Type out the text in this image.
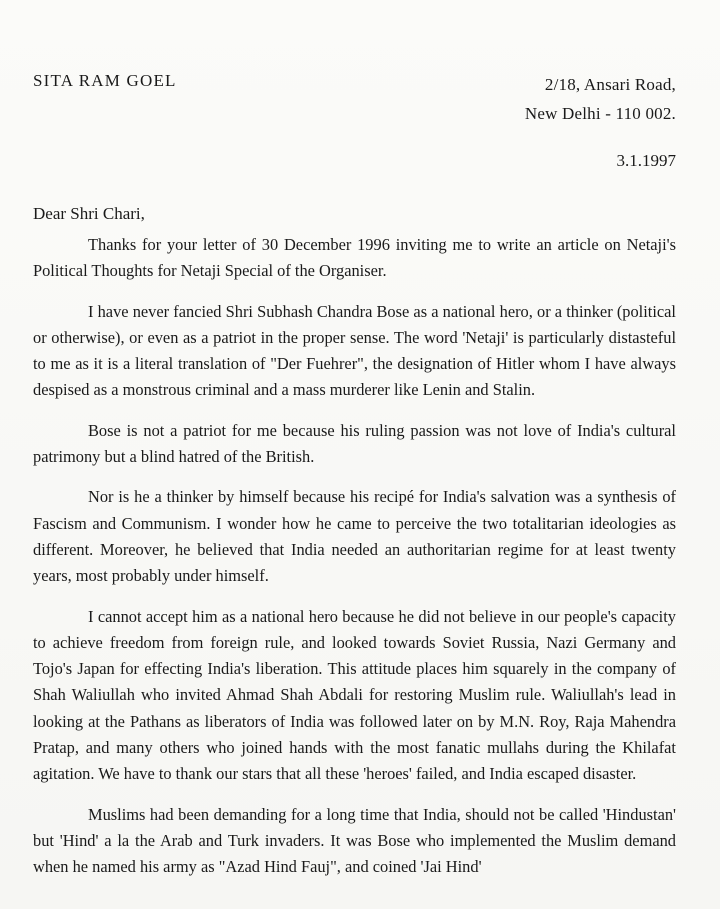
SITA RAM GOEL	2/18, Ansari Road,
New Delhi - 110 002.
3.1.1997
Dear Shri Chari,

Thanks for your letter of 30 December 1996 inviting me to write an article on Netaji's Political Thoughts for Netaji Special of the Organiser.

I have never fancied Shri Subhash Chandra Bose as a national hero, or a thinker (political or otherwise), or even as a patriot in the proper sense. The word 'Netaji' is particularly distasteful to me as it is a literal translation of "Der Fuehrer", the designation of Hitler whom I have always despised as a monstrous criminal and a mass murderer like Lenin and Stalin.

Bose is not a patriot for me because his ruling passion was not love of India's cultural patrimony but a blind hatred of the British.

Nor is he a thinker by himself because his recipé for India's salvation was a synthesis of Fascism and Communism. I wonder how he came to perceive the two totalitarian ideologies as different. Moreover, he believed that India needed an authoritarian regime for at least twenty years, most probably under himself.

I cannot accept him as a national hero because he did not believe in our people's capacity to achieve freedom from foreign rule, and looked towards Soviet Russia, Nazi Germany and Tojo's Japan for effecting India's liberation. This attitude places him squarely in the company of Shah Waliullah who invited Ahmad Shah Abdali for restoring Muslim rule. Waliullah's lead in looking at the Pathans as liberators of India was followed later on by M.N. Roy, Raja Mahendra Pratap, and many others who joined hands with the most fanatic mullahs during the Khilafat agitation. We have to thank our stars that all these 'heroes' failed, and India escaped disaster.

Muslims had been demanding for a long time that India, should not be called 'Hindustan' but 'Hind' a la the Arab and Turk invaders. It was Bose who implemented the Muslim demand when he named his army as "Azad Hind Fauj", and coined 'Jai Hind'
